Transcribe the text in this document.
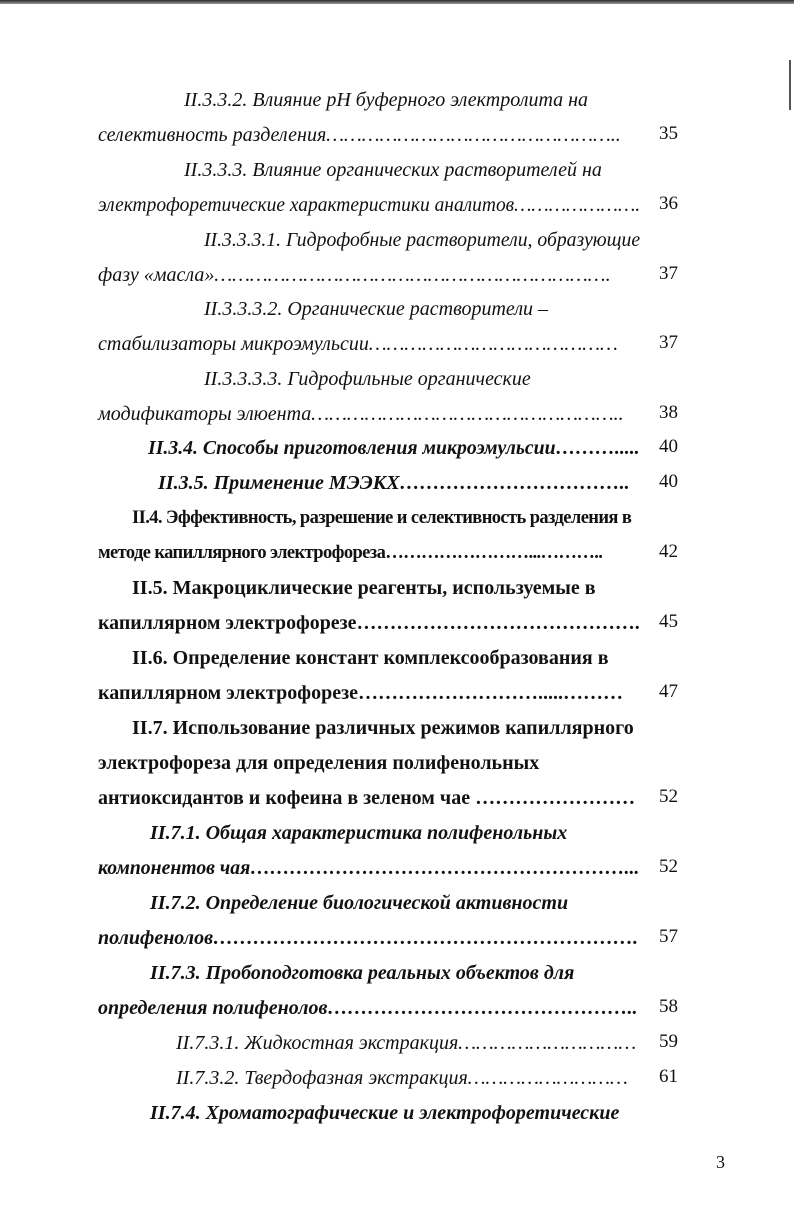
II.3.3.2. Влияние pH буферного электролита на
селективность разделения………………………………………….. 35
II.3.3.3. Влияние органических растворителей на
электрофоретические характеристики аналитов…………………. 36
II.3.3.3.1. Гидрофобные растворители, образующие
фазу «масла»………………………………………………………….	37
II.3.3.3.2. Органические растворители –
стабилизаторы микроэмульсии…………………………………… 37
II.3.3.3.3. Гидрофильные органические
модификаторы элюента…………………………………………….. 38
II.3.4. Способы приготовления микроэмульсии………..... 40
II.3.5. Применение МЭЭКХ…………………………….. 40
II.4. Эффективность, разрешение и селективность разделения в
методе капиллярного электрофореза……………………...………..	42
II.5. Макроциклические реагенты, используемые в
капиллярном электрофорезе……………………………………. 45
II.6. Определение констант комплексообразования в
капиллярном электрофорезе……………………….....……… 47
II.7. Использование различных режимов капиллярного
электрофореза для определения полифенольных
антиоксидантов и кофеина в зеленом чае …………………… 52
II.7.1. Общая характеристика полифенольных
компонентов чая…………………………………………………... 52
II.7.2. Определение биологической активности
полифенолов………………………………………………………. 57
II.7.3. Пробоподготовка реальных объектов для
определения полифенолов……………………………………….. 58
II.7.3.1. Жидкостная экстракция………………………… 59
II.7.3.2. Твердофазная экстракция……………………… 61
II.7.4. Хроматографические и электрофоретические
3
